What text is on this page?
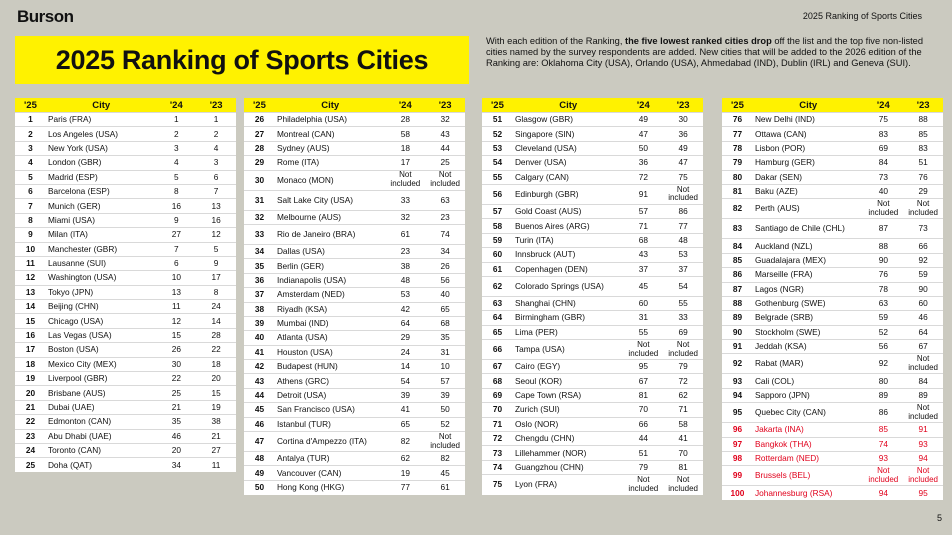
Burson	2025 Ranking of Sports Cities
2025 Ranking of Sports Cities
With each edition of the Ranking, the five lowest ranked cities drop off the list and the top five non-listed cities named by the survey respondents are added. New cities that will be added to the 2026 edition of the Ranking are: Oklahoma City (USA), Orlando (USA), Ahmedabad (IND), Dublin (IRL) and Geneva (SUI).
'25	City	'24	'23
1	Paris (FRA)	1	1
2	Los Angeles (USA)	2	2
3	New York (USA)	3	4
4	London (GBR)	4	3
5	Madrid (ESP)	5	6
6	Barcelona (ESP)	8	7
7	Munich (GER)	16	13
8	Miami (USA)	9	16
9	Milan (ITA)	27	12
10	Manchester (GBR)	7	5
11	Lausanne (SUI)	6	9
12	Washington (USA)	10	17
13	Tokyo (JPN)	13	8
14	Beijing (CHN)	11	24
15	Chicago (USA)	12	14
16	Las Vegas (USA)	15	28
17	Boston (USA)	26	22
18	Mexico City (MEX)	30	18
19	Liverpool (GBR)	22	20
20	Brisbane (AUS)	25	15
21	Dubai (UAE)	21	19
22	Edmonton (CAN)	35	38
23	Abu Dhabi (UAE)	46	21
24	Toronto (CAN)	20	27
25	Doha (QAT)	34	11
'25	City	'24	'23
26	Philadelphia (USA)	28	32
27	Montreal (CAN)	58	43
28	Sydney (AUS)	18	44
29	Rome (ITA)	17	25
30	Monaco (MON)	Not included	Not included
31	Salt Lake City (USA)	33	63
32	Melbourne (AUS)	32	23
33	Rio de Janeiro (BRA)	61	74
34	Dallas (USA)	23	34
35	Berlin (GER)	38	26
36	Indianapolis (USA)	48	56
37	Amsterdam (NED)	53	40
38	Riyadh (KSA)	42	65
39	Mumbai (IND)	64	68
40	Atlanta (USA)	29	35
41	Houston (USA)	24	31
42	Budapest (HUN)	14	10
43	Athens (GRC)	54	57
44	Detroit (USA)	39	39
45	San Francisco (USA)	41	50
46	Istanbul (TUR)	65	52
47	Cortina d'Ampezzo (ITA)	82	Not included
48	Antalya (TUR)	62	82
49	Vancouver (CAN)	19	45
50	Hong Kong (HKG)	77	61
'25	City	'24	'23
51	Glasgow (GBR)	49	30
52	Singapore (SIN)	47	36
53	Cleveland (USA)	50	49
54	Denver (USA)	36	47
55	Calgary (CAN)	72	75
56	Edinburgh (GBR)	91	Not included
57	Gold Coast (AUS)	57	86
58	Buenos Aires (ARG)	71	77
59	Turin (ITA)	68	48
60	Innsbruck (AUT)	43	53
61	Copenhagen (DEN)	37	37
62	Colorado Springs (USA)	45	54
63	Shanghai (CHN)	60	55
64	Birmingham (GBR)	31	33
65	Lima (PER)	55	69
66	Tampa (USA)	Not included	Not included
67	Cairo (EGY)	95	79
68	Seoul (KOR)	67	72
69	Cape Town (RSA)	81	62
70	Zurich (SUI)	70	71
71	Oslo (NOR)	66	58
72	Chengdu (CHN)	44	41
73	Lillehammer (NOR)	51	70
74	Guangzhou (CHN)	79	81
75	Lyon (FRA)	Not included	Not included
'25	City	'24	'23
76	New Delhi (IND)	75	88
77	Ottawa (CAN)	83	85
78	Lisbon (POR)	69	83
79	Hamburg (GER)	84	51
80	Dakar (SEN)	73	76
81	Baku (AZE)	40	29
82	Perth (AUS)	Not included	Not included
83	Santiago de Chile (CHL)	87	73
84	Auckland (NZL)	88	66
85	Guadalajara (MEX)	90	92
86	Marseille (FRA)	76	59
87	Lagos (NGR)	78	90
88	Gothenburg (SWE)	63	60
89	Belgrade (SRB)	59	46
90	Stockholm (SWE)	52	64
91	Jeddah (KSA)	56	67
92	Rabat (MAR)	92	Not included
93	Cali (COL)	80	84
94	Sapporo (JPN)	89	89
95	Quebec City (CAN)	86	Not included
96	Jakarta (INA)	85	91
97	Bangkok (THA)	74	93
98	Rotterdam (NED)	93	94
99	Brussels (BEL)	Not included	Not included
100	Johannesburg (RSA)	94	95
5
